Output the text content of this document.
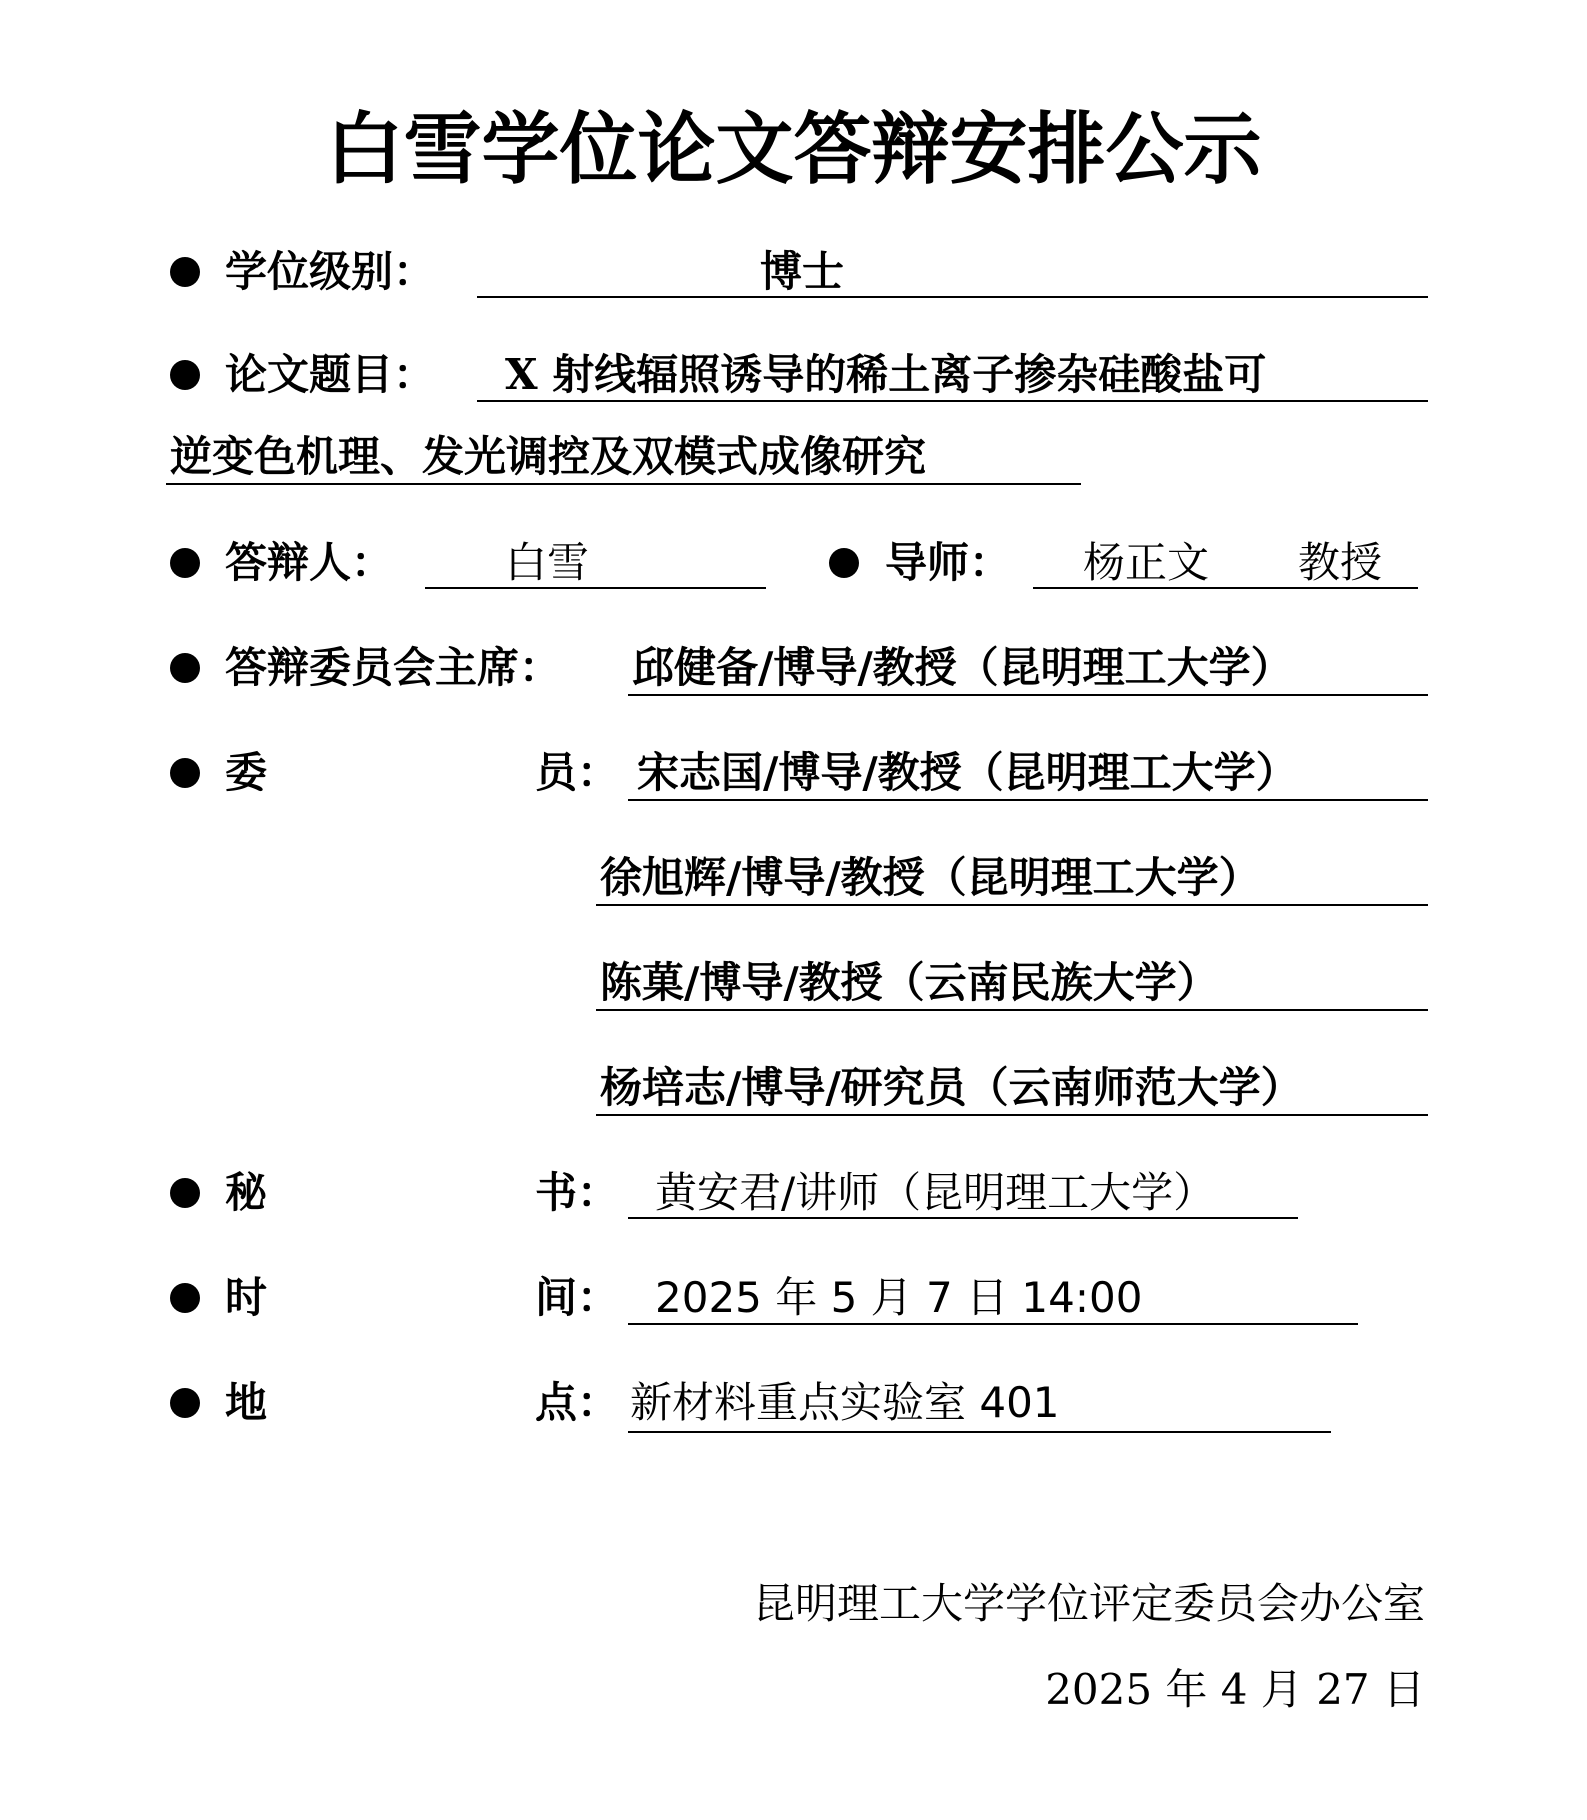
白雪学位论文答辩安排公示
学位级别：	博士
论文题目： X 射线辐照诱导的稀土离子掺杂硅酸盐可
逆变色机理、发光调控及双模式成像研究
答辩人：	白雪	导师： 杨正文 教授
答辩委员会主席： 邱健备/博导/教授（昆明理工大学）
委	员： 宋志国/博导/教授（昆明理工大学）
徐旭辉/博导/教授（昆明理工大学）
陈菓/博导/教授（云南民族大学）
杨培志/博导/研究员（云南师范大学）
秘	书： 黄安君/讲师（昆明理工大学）
时	间： 2025 年 5 月 7 日 14:00
地	点： 新材料重点实验室 401
昆明理工大学学位评定委员会办公室
2025 年 4 月 27 日
